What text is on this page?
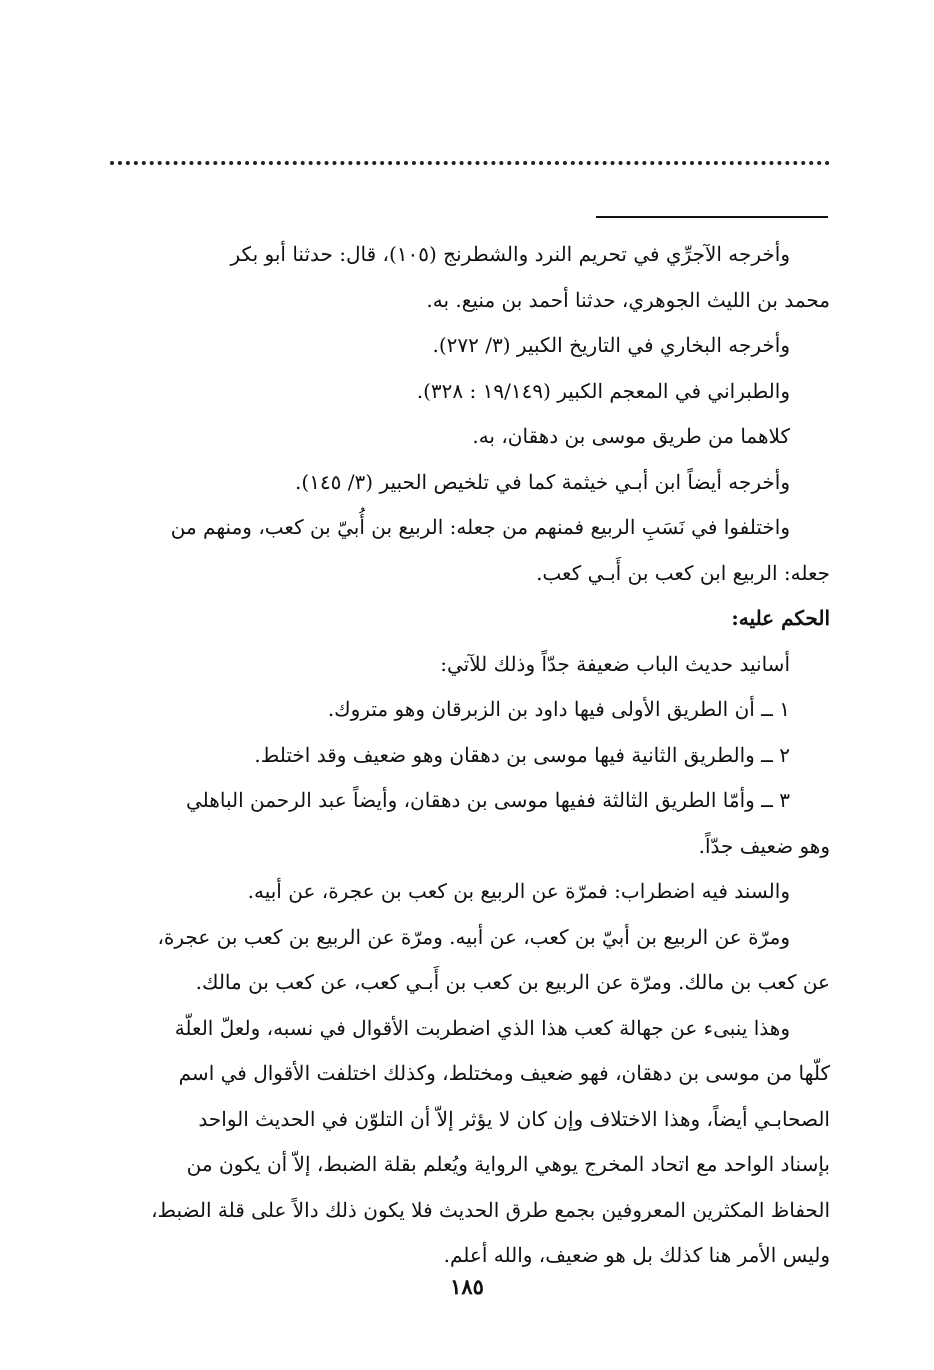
وأخرجه الآجرِّي في تحريم النرد والشطرنج (١٠٥)، قال: حدثنا أبو بكر

محمد بن الليث الجوهري، حدثنا أحمد بن منيع. به.

وأخرجه البخاري في التاريخ الكبير (٣/ ٢٧٢).

والطبراني في المعجم الكبير (١٩/١٤٩ : ٣٢٨).

كلاهما من طريق موسى بن دهقان، به.

وأخرجه أيضاً ابن أبـي خيثمة كما في تلخيص الحبير (٣/ ١٤٥).

واختلفوا في نَسَبِ الربيع فمنهم من جعله: الربيع بن أُبيّ بن كعب، ومنهم من

جعله: الربيع ابن كعب بن أَبـي كعب.

الحكم عليه:

أسانيد حديث الباب ضعيفة جدّاً وذلك للآتي:

١ ــ أن الطريق الأولى فيها داود بن الزبرقان وهو متروك.

٢ ــ والطريق الثانية فيها موسى بن دهقان وهو ضعيف وقد اختلط.

٣ ــ وأمّا الطريق الثالثة ففيها موسى بن دهقان، وأيضاً عبد الرحمن الباهلي

وهو ضعيف جدّاً.

والسند فيه اضطراب: فمرّة عن الربيع بن كعب بن عجرة، عن أبيه.

ومرّة عن الربيع بن أبيّ بن كعب، عن أبيه. ومرّة عن الربيع بن كعب بن عجرة،

عن كعب بن مالك. ومرّة عن الربيع بن كعب بن أَبـي كعب، عن كعب بن مالك.

وهذا ينبىء عن جهالة كعب هذا الذي اضطربت الأقوال في نسبه، ولعلّ العلّة

كلّها من موسى بن دهقان، فهو ضعيف ومختلط، وكذلك اختلفت الأقوال في اسم

الصحابـي أيضاً، وهذا الاختلاف وإن كان لا يؤثر إلاّ أن التلوّن في الحديث الواحد

بإسناد الواحد مع اتحاد المخرج يوهي الرواية ويُعلم بقلة الضبط، إلاّ أن يكون من

الحفاظ المكثرين المعروفين بجمع طرق الحديث فلا يكون ذلك دالاً على قلة الضبط،

وليس الأمر هنا كذلك بل هو ضعيف، والله أعلم.

١٨٥
